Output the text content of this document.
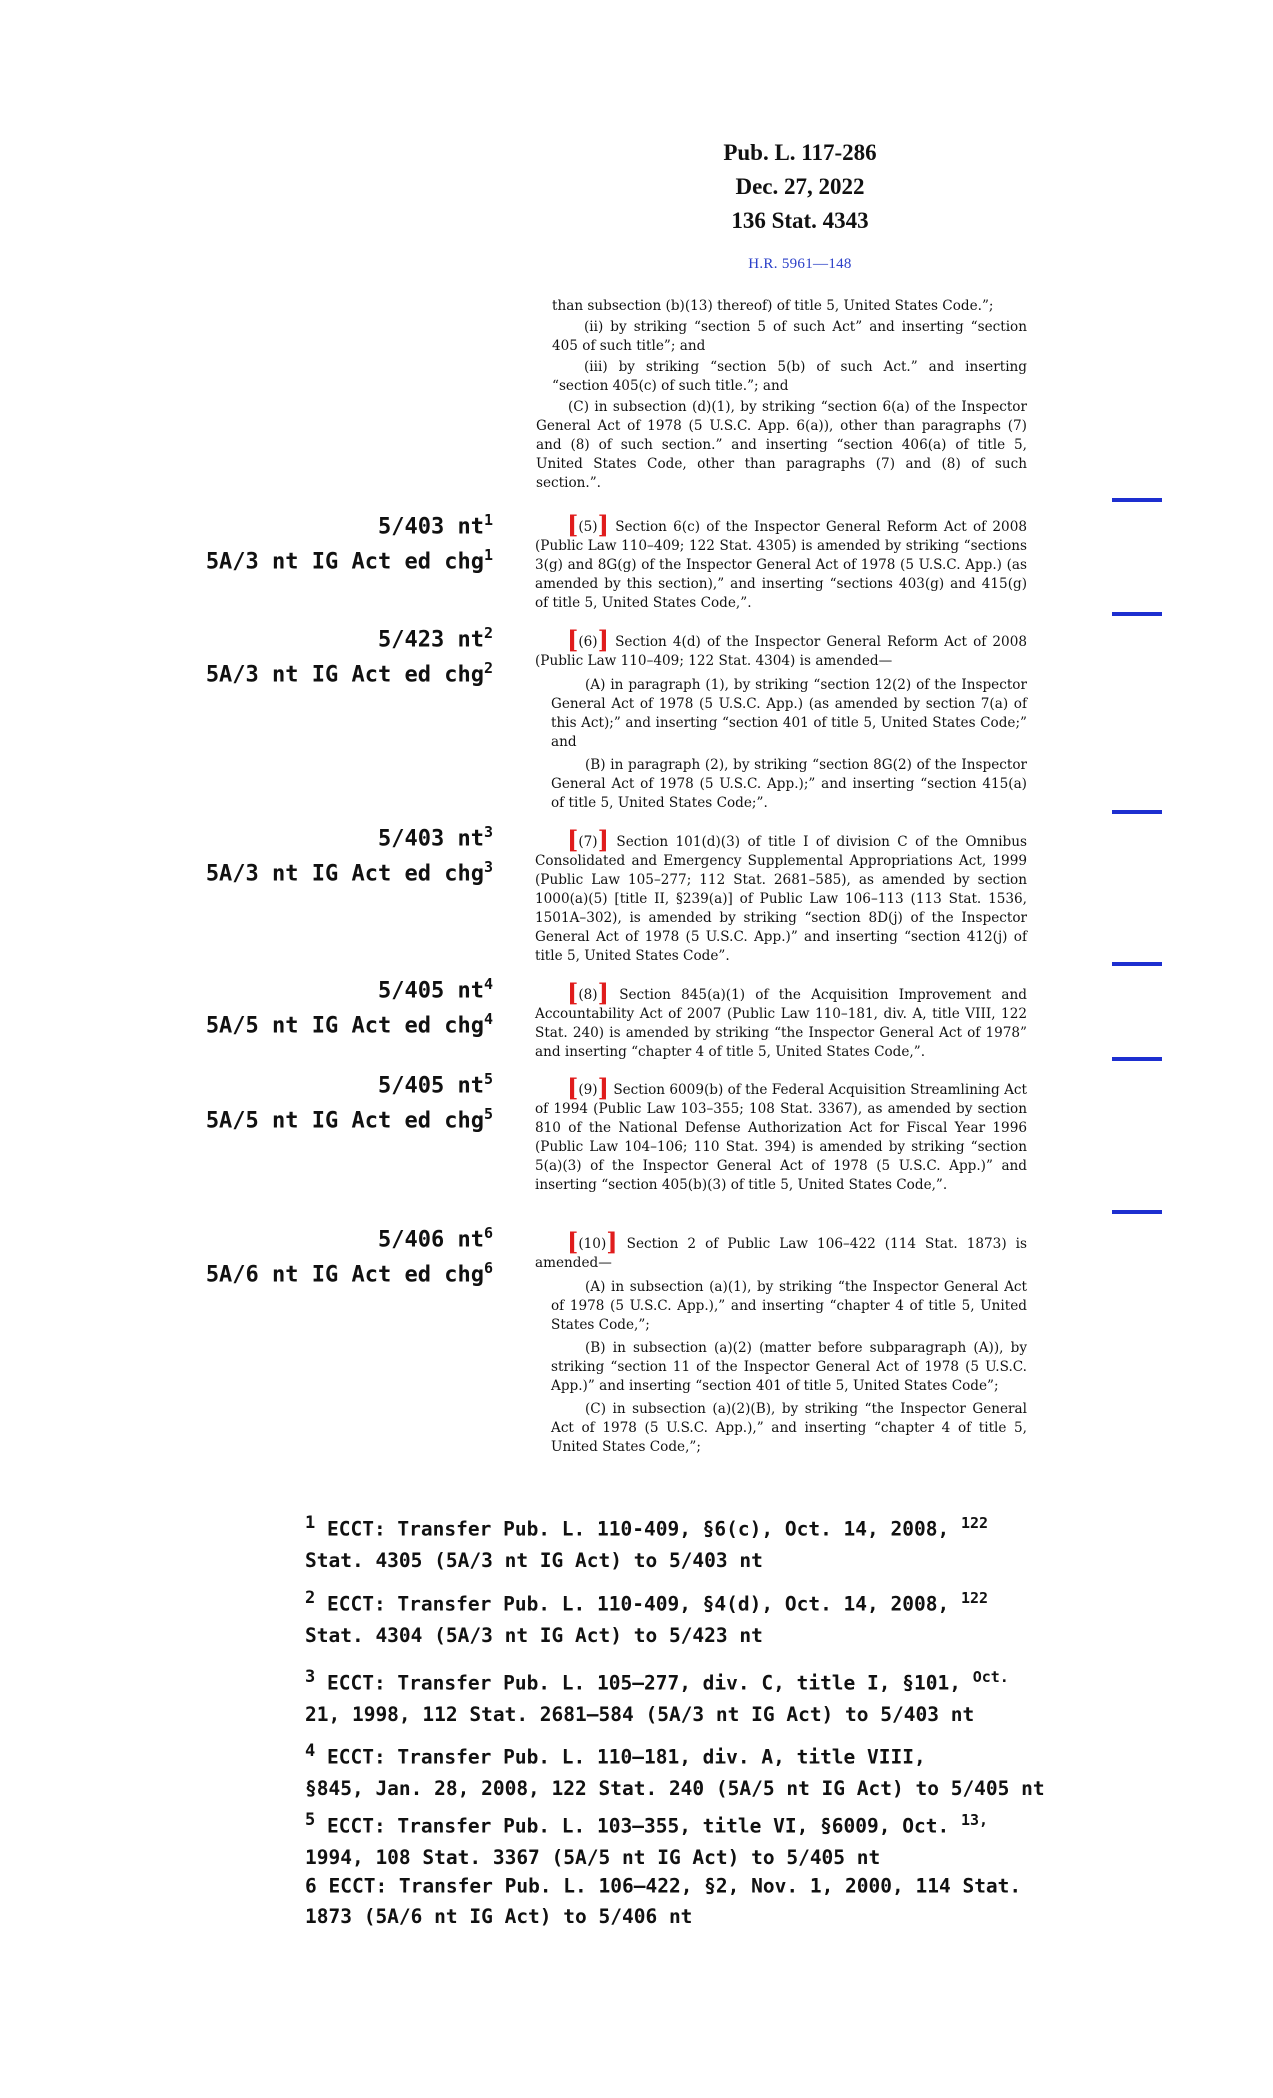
Pub. L. 117-286
Dec. 27, 2022
136 Stat. 4343
H.R. 5961—148

than subsection (b)(13) thereof) of title 5, United States Code.”;

(ii) by striking “section 5 of such Act” and inserting “section 405 of such title”; and

(iii) by striking “section 5(b) of such Act.” and inserting “section 405(c) of such title.”; and

(C) in subsection (d)(1), by striking “section 6(a) of the Inspector General Act of 1978 (5 U.S.C. App. 6(a)), other than paragraphs (7) and (8) of such section.” and inserting “section 406(a) of title 5, United States Code, other than paragraphs (7) and (8) of such section.”.

[(5)] Section 6(c) of the Inspector General Reform Act of 2008 (Public Law 110–409; 122 Stat. 4305) is amended by striking “sections 3(g) and 8G(g) of the Inspector General Act of 1978 (5 U.S.C. App.) (as amended by this section),” and inserting “sections 403(g) and 415(g) of title 5, United States Code,”.

[(6)] Section 4(d) of the Inspector General Reform Act of 2008 (Public Law 110–409; 122 Stat. 4304) is amended—

(A) in paragraph (1), by striking “section 12(2) of the Inspector General Act of 1978 (5 U.S.C. App.) (as amended by section 7(a) of this Act);” and inserting “section 401 of title 5, United States Code;” and

(B) in paragraph (2), by striking “section 8G(2) of the Inspector General Act of 1978 (5 U.S.C. App.);” and inserting “section 415(a) of title 5, United States Code;”.

[(7)] Section 101(d)(3) of title I of division C of the Omnibus Consolidated and Emergency Supplemental Appropriations Act, 1999 (Public Law 105–277; 112 Stat. 2681–585), as amended by section 1000(a)(5) [title II, §239(a)] of Public Law 106–113 (113 Stat. 1536, 1501A–302), is amended by striking “section 8D(j) of the Inspector General Act of 1978 (5 U.S.C. App.)” and inserting “section 412(j) of title 5, United States Code”.

[(8)] Section 845(a)(1) of the Acquisition Improvement and Accountability Act of 2007 (Public Law 110–181, div. A, title VIII, 122 Stat. 240) is amended by striking “the Inspector General Act of 1978” and inserting “chapter 4 of title 5, United States Code,”.

[(9)] Section 6009(b) of the Federal Acquisition Streamlining Act of 1994 (Public Law 103–355; 108 Stat. 3367), as amended by section 810 of the National Defense Authorization Act for Fiscal Year 1996 (Public Law 104–106; 110 Stat. 394) is amended by striking “section 5(a)(3) of the Inspector General Act of 1978 (5 U.S.C. App.)” and inserting “section 405(b)(3) of title 5, United States Code,”.

[(10)] Section 2 of Public Law 106–422 (114 Stat. 1873) is amended—

(A) in subsection (a)(1), by striking “the Inspector General Act of 1978 (5 U.S.C. App.),” and inserting “chapter 4 of title 5, United States Code,”;

(B) in subsection (a)(2) (matter before subparagraph (A)), by striking “section 11 of the Inspector General Act of 1978 (5 U.S.C. App.)” and inserting “section 401 of title 5, United States Code”;

(C) in subsection (a)(2)(B), by striking “the Inspector General Act of 1978 (5 U.S.C. App.),” and inserting “chapter 4 of title 5, United States Code,”;

5/403 $nt^1$
5A/3 nt IG Act ed chg$^1$
5/423 $nt^2$
5A/3 nt IG Act ed chg$^2$
5/403 $nt^3$
5A/3 nt IG Act ed chg$^3$
5/405 $nt^4$
5A/5 nt IG Act ed chg$^4$
5/405 $nt^5$
5A/5 nt IG Act ed chg$^5$
5/406 $nt^6$
5A/6 nt IG Act ed chg$^6$
1 ECCT: Transfer Pub. L. 110-409, §6(c), Oct. 14, 2008, $^{122}$
Stat. 4305 (5A/3 nt IG Act) to 5/403 nt
2 ECCT: Transfer Pub. L. 110-409, §4(d), Oct. 14, 2008, $^{122}$
Stat. 4304 (5A/3 nt IG Act) to 5/423 nt
3 ECCT: Transfer Pub. L. 105–277, div. C, title I, §101, $^{Oct.}$
21, 1998, 112 Stat. 2681–584 (5A/3 nt IG Act) to 5/403 nt
4 ECCT: Transfer Pub. L. 110–181, div. A, title VIII,
§845, Jan. 28, 2008, 122 Stat. 240 (5A/5 nt IG Act) to 5/405 nt
5 ECCT: Transfer Pub. L. 103–355, title VI, §6009, Oct. $^{13,}$
1994, 108 Stat. 3367 (5A/5 nt IG Act) to 5/405 nt
6 ECCT: Transfer Pub. L. 106–422, §2, Nov. 1, 2000, 114 Stat.
1873 (5A/6 nt IG Act) to 5/406 nt
